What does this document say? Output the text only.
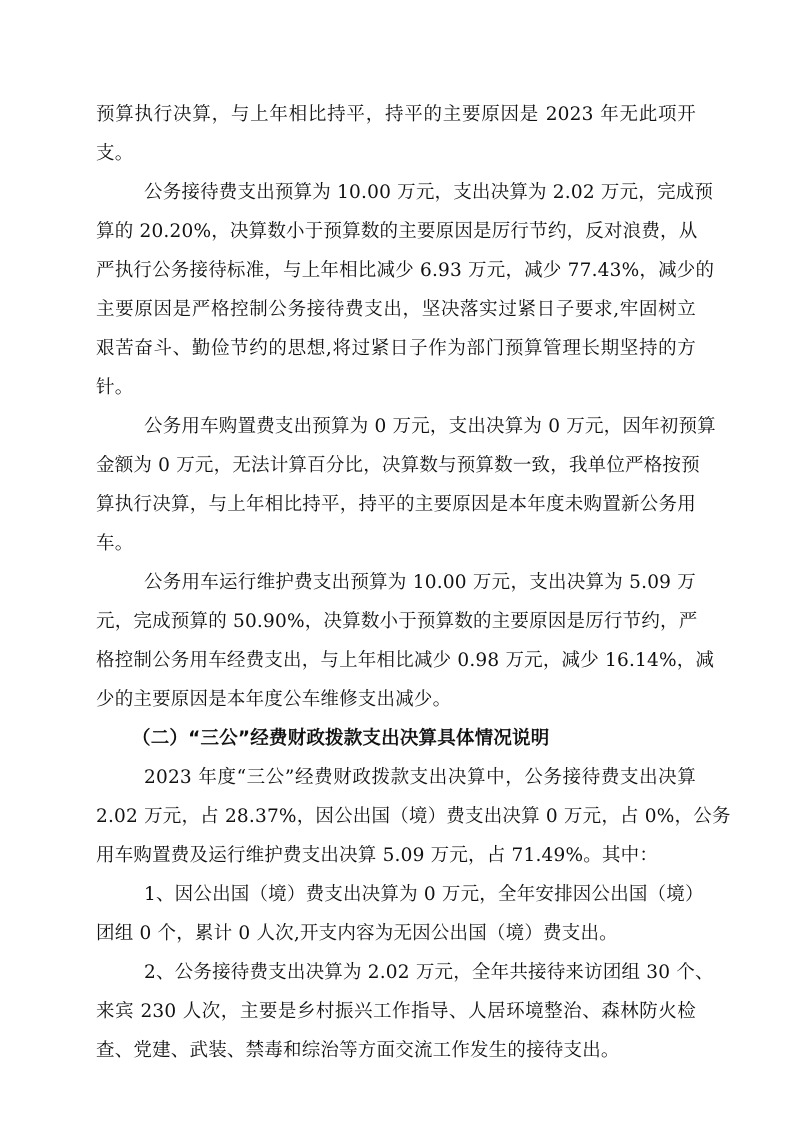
预算执行决算，与上年相比持平，持平的主要原因是 2023 年无此项开
支。
公务接待费支出预算为 10.00 万元，支出决算为 2.02 万元，完成预
算的 20.20%，决算数小于预算数的主要原因是厉行节约，反对浪费，从
严执行公务接待标准，与上年相比减少 6.93 万元，减少 77.43%，减少的
主要原因是严格控制公务接待费支出，坚决落实过紧日子要求,牢固树立
艰苦奋斗、勤俭节约的思想,将过紧日子作为部门预算管理长期坚持的方
针。
公务用车购置费支出预算为 0 万元，支出决算为 0 万元，因年初预算
金额为 0 万元，无法计算百分比，决算数与预算数一致，我单位严格按预
算执行决算，与上年相比持平，持平的主要原因是本年度未购置新公务用
车。
公务用车运行维护费支出预算为 10.00 万元，支出决算为 5.09 万
元，完成预算的 50.90%，决算数小于预算数的主要原因是厉行节约，严
格控制公务用车经费支出，与上年相比减少 0.98 万元，减少 16.14%，减
少的主要原因是本年度公车维修支出减少。
（二）“三公”经费财政拨款支出决算具体情况说明
2023 年度“三公”经费财政拨款支出决算中，公务接待费支出决算
2.02 万元，占 28.37%，因公出国（境）费支出决算 0 万元，占 0%，公务
用车购置费及运行维护费支出决算 5.09 万元，占 71.49%。其中：
1、因公出国（境）费支出决算为 0 万元，全年安排因公出国（境）
团组 0 个，累计 0 人次,开支内容为无因公出国（境）费支出。
2、公务接待费支出决算为 2.02 万元，全年共接待来访团组 30 个、
来宾 230 人次，主要是乡村振兴工作指导、人居环境整治、森林防火检
查、党建、武装、禁毒和综治等方面交流工作发生的接待支出。
